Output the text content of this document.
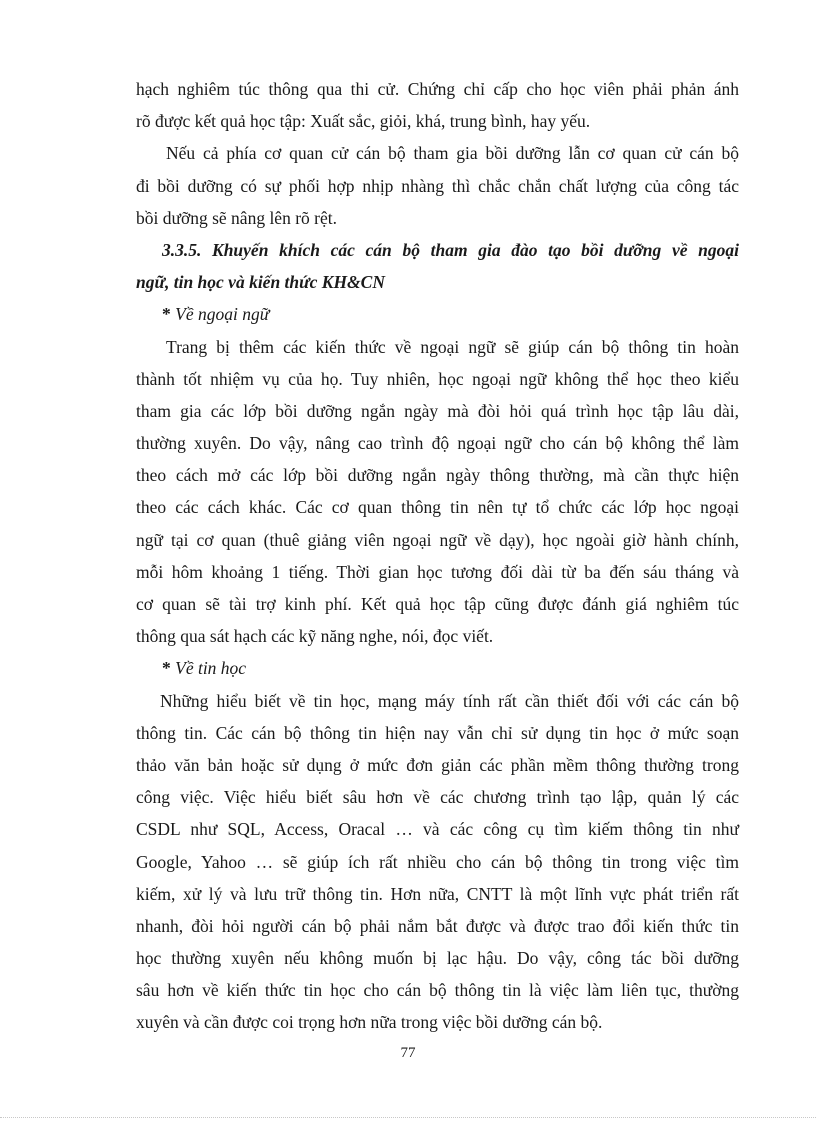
hạch nghiêm túc thông qua thi cử. Chứng chỉ cấp cho học viên phải phản ánh
rõ được kết quả học tập: Xuất sắc, giỏi, khá, trung bình, hay yếu.
Nếu cả phía cơ quan cử cán bộ tham gia bồi dưỡng lẫn cơ quan cử cán bộ
đi bồi dưỡng có sự phối hợp nhịp nhàng thì chắc chắn chất lượng của công tác
bồi dưỡng sẽ nâng lên rõ rệt.
3.3.5. Khuyến khích các cán bộ tham gia đào tạo bồi dưỡng về ngoại
ngữ, tin học và kiến thức KH&CN
* Về ngoại ngữ
Trang bị thêm các kiến thức về ngoại ngữ sẽ giúp cán bộ thông tin hoàn
thành tốt nhiệm vụ của họ. Tuy nhiên, học ngoại ngữ không thể học theo kiểu
tham gia các lớp bồi dưỡng ngắn ngày mà đòi hỏi quá trình học tập lâu dài,
thường xuyên. Do vậy, nâng cao trình độ ngoại ngữ cho cán bộ không thể làm
theo cách mở các lớp bồi dưỡng ngắn ngày thông thường, mà cần thực hiện
theo các cách khác. Các cơ quan thông tin nên tự tổ chức các lớp học ngoại
ngữ tại cơ quan (thuê giảng viên ngoại ngữ về dạy), học ngoài giờ hành chính,
mỗi hôm khoảng 1 tiếng. Thời gian học tương đối dài từ ba đến sáu tháng và
cơ quan sẽ tài trợ kinh phí. Kết quả học tập cũng được đánh giá nghiêm túc
thông qua sát hạch các kỹ năng nghe, nói, đọc viết.
* Về tin học
Những hiểu biết về tin học, mạng máy tính rất cần thiết đối với các cán bộ
thông tin. Các cán bộ thông tin hiện nay vẫn chỉ sử dụng tin học ở mức soạn
thảo văn bản hoặc sử dụng ở mức đơn giản các phần mềm thông thường trong
công việc. Việc hiểu biết sâu hơn về các chương trình tạo lập, quản lý các
CSDL như SQL, Access, Oracal … và các công cụ tìm kiếm thông tin như
Google, Yahoo … sẽ giúp ích rất nhiều cho cán bộ thông tin trong việc tìm
kiếm, xử lý và lưu trữ thông tin. Hơn nữa, CNTT là một lĩnh vực phát triển rất
nhanh, đòi hỏi người cán bộ phải nắm bắt được và được trao đổi kiến thức tin
học thường xuyên nếu không muốn bị lạc hậu. Do vậy, công tác bồi dưỡng
sâu hơn về kiến thức tin học cho cán bộ thông tin là việc làm liên tục, thường
xuyên và cần được coi trọng hơn nữa trong việc bồi dưỡng cán bộ.
77
